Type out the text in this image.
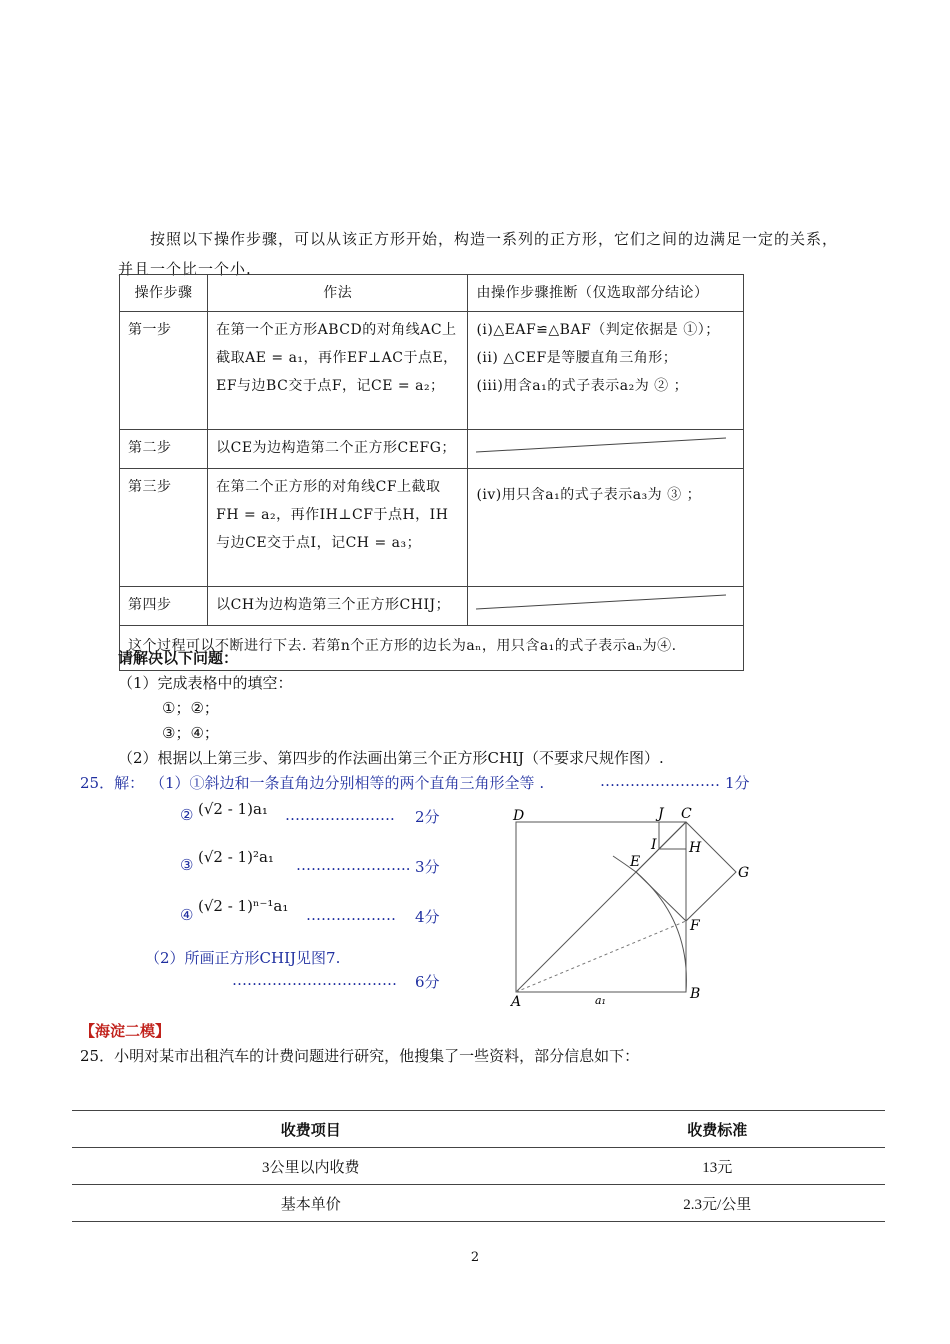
按照以下操作步骤，可以从该正方形开始，构造一系列的正方形，它们之间的边满足一定的关系，

并且一个比一个小.

操作步骤	作法	由操作步骤推断（仅选取部分结论）
第一步	在第一个正方形ABCD的对角线AC上截取AE = a₁，再作EF⊥AC于点E，EF与边BC交于点F，记CE = a₂；	(i)△EAF≌△BAF（判定依据是 ①）；
(ii) △CEF是等腰直角三角形；
(iii)用含a₁的式子表示a₂为 ② ；

第二步	以CE为边构造第二个正方形CEFG；	
第三步	在第二个正方形的对角线CF上截取FH = a₂，再作IH⊥CF于点H，IH与边CE交于点I，记CH = a₃；	(iv)用只含a₁的式子表示a₃为 ③ ；

第四步	以CH为边构造第三个正方形CHIJ；	
这个过程可以不断进行下去. 若第n个正方形的边长为aₙ，用只含a₁的式子表示aₙ为④.		
请解决以下问题：
（1）完成表格中的填空：
①；②；
③；④；
（2）根据以上第三步、第四步的作法画出第三个正方形CHIJ（不要求尺规作图）.
25．解： （1）①斜边和一条直角边分别相等的两个直角三角形全等 .	…………………… 1分
② (√2 - 1)a₁ …………………. 2分
③ (√2 - 1)²a₁ ………………….. 3分
④ (√2 - 1)ⁿ⁻¹a₁ ……………… 4分
（2）所画正方形CHIJ见图7.
…………………………… 6分
D	J C
I H
E
G
F
A	B
a₁
【海淀二模】
25．小明对某市出租汽车的计费问题进行研究，他搜集了一些资料，部分信息如下：
收费项目	收费标准
3公里以内收费	13元
基本单价	2.3元/公里
2
